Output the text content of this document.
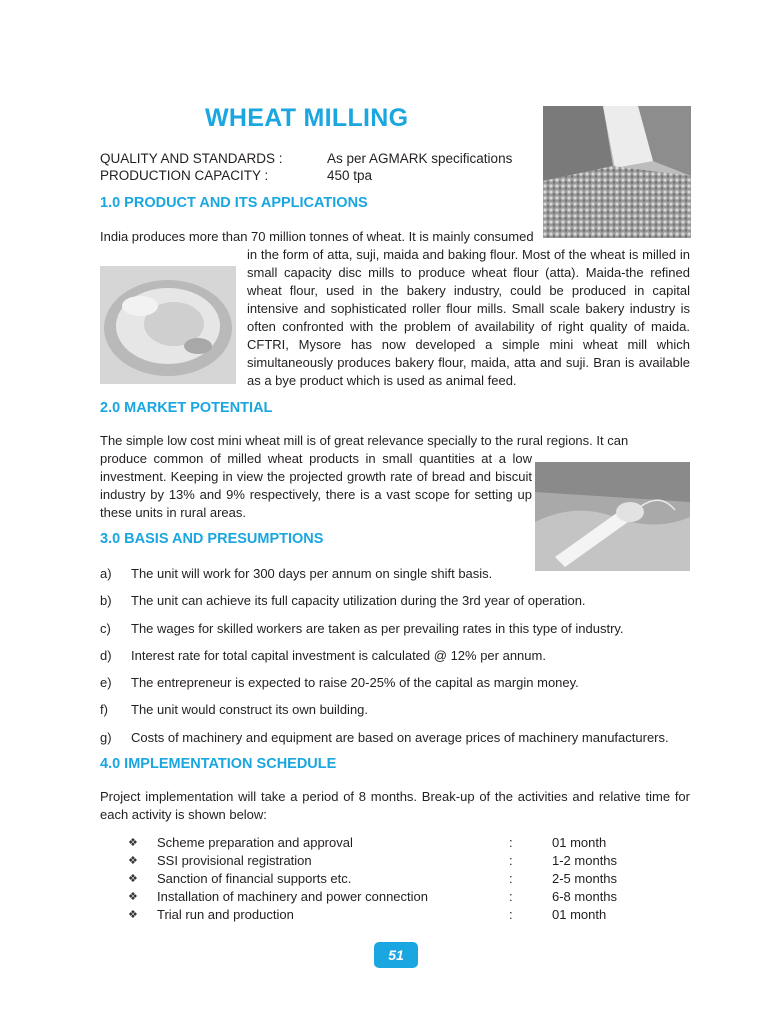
WHEAT MILLING
QUALITY AND STANDARDS :	As per AGMARK specifications
PRODUCTION CAPACITY :	450 tpa
1.0 PRODUCT AND ITS APPLICATIONS
India produces more than 70 million tonnes of wheat. It is mainly consumed
in the form of atta, suji, maida and baking flour. Most of the wheat is milled in small capacity disc mills to produce wheat flour (atta). Maida-the refined wheat flour, used in the bakery industry, could be produced in capital intensive and sophisticated roller flour mills. Small scale bakery industry is often confronted with the problem of availability of right quality of maida. CFTRI, Mysore has now developed a simple mini wheat mill which simultaneously produces bakery flour, maida, atta and suji. Bran is available as a bye product which is used as animal feed.
2.0 MARKET POTENTIAL
The simple low cost mini wheat mill is of great relevance specially to the rural regions. It can
produce common of milled wheat products in small quantities at a low investment. Keeping in view the projected growth rate of bread and biscuit industry by 13% and 9% respectively, there is a vast scope for setting up these units in rural areas.
3.0 BASIS AND PRESUMPTIONS
a)	The unit will work for 300 days per annum on single shift basis.
b)	The unit can achieve its full capacity utilization during the 3rd year of operation.
c)	The wages for skilled workers are taken as per prevailing rates in this type of industry.
d)	Interest rate for total capital investment is calculated @ 12% per annum.
e)	The entrepreneur is expected to raise 20-25% of the capital as margin money.
f)	The unit would construct its own building.
g)	Costs of machinery and equipment are based on average prices of machinery manufacturers.
4.0 IMPLEMENTATION SCHEDULE
Project implementation will take a period of 8 months. Break-up of the activities and relative time for each activity is shown below:
❖	Scheme preparation and approval	:	01 month
❖	SSI provisional registration	:	1-2 months
❖	Sanction of financial supports etc.	:	2-5 months
❖	Installation of machinery and power connection	:	6-8 months
❖	Trial run and production	:	01 month
51
